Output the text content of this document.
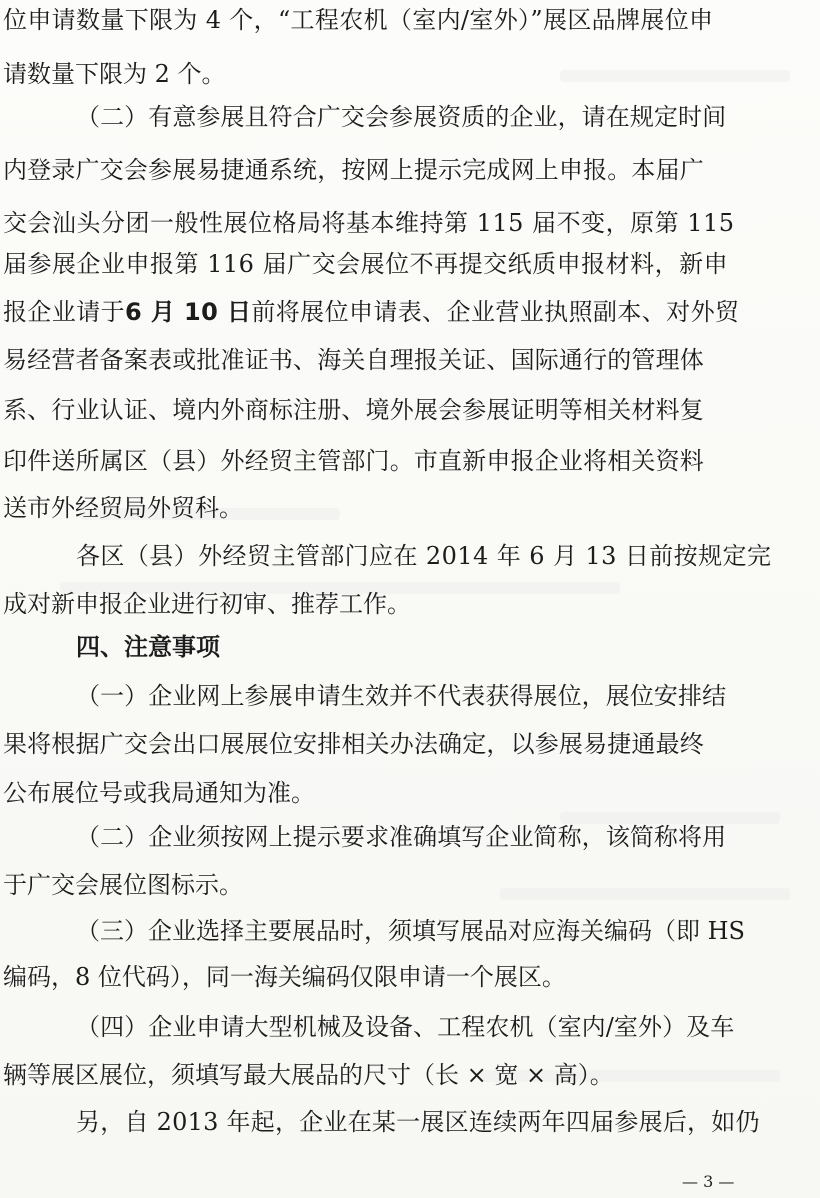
位申请数量下限为 4 个，“工程农机（室内/室外）”展区品牌展位申

请数量下限为 2 个。

（二）有意参展且符合广交会参展资质的企业，请在规定时间

内登录广交会参展易捷通系统，按网上提示完成网上申报。本届广

交会汕头分团一般性展位格局将基本维持第 115 届不变，原第 115

届参展企业申报第 116 届广交会展位不再提交纸质申报材料，新申

报企业请于6 月 10 日前将展位申请表、企业营业执照副本、对外贸

易经营者备案表或批准证书、海关自理报关证、国际通行的管理体

系、行业认证、境内外商标注册、境外展会参展证明等相关材料复

印件送所属区（县）外经贸主管部门。市直新申报企业将相关资料

送市外经贸局外贸科。

各区（县）外经贸主管部门应在 2014 年 6 月 13 日前按规定完

成对新申报企业进行初审、推荐工作。

四、注意事项

（一）企业网上参展申请生效并不代表获得展位，展位安排结

果将根据广交会出口展展位安排相关办法确定，以参展易捷通最终

公布展位号或我局通知为准。

（二）企业须按网上提示要求准确填写企业简称，该简称将用

于广交会展位图标示。

（三）企业选择主要展品时，须填写展品对应海关编码（即 HS

编码，8 位代码），同一海关编码仅限申请一个展区。

（四）企业申请大型机械及设备、工程农机（室内/室外）及车

辆等展区展位，须填写最大展品的尺寸（长 × 宽 × 高）。

另，自 2013 年起，企业在某一展区连续两年四届参展后，如仍

— 3 —
